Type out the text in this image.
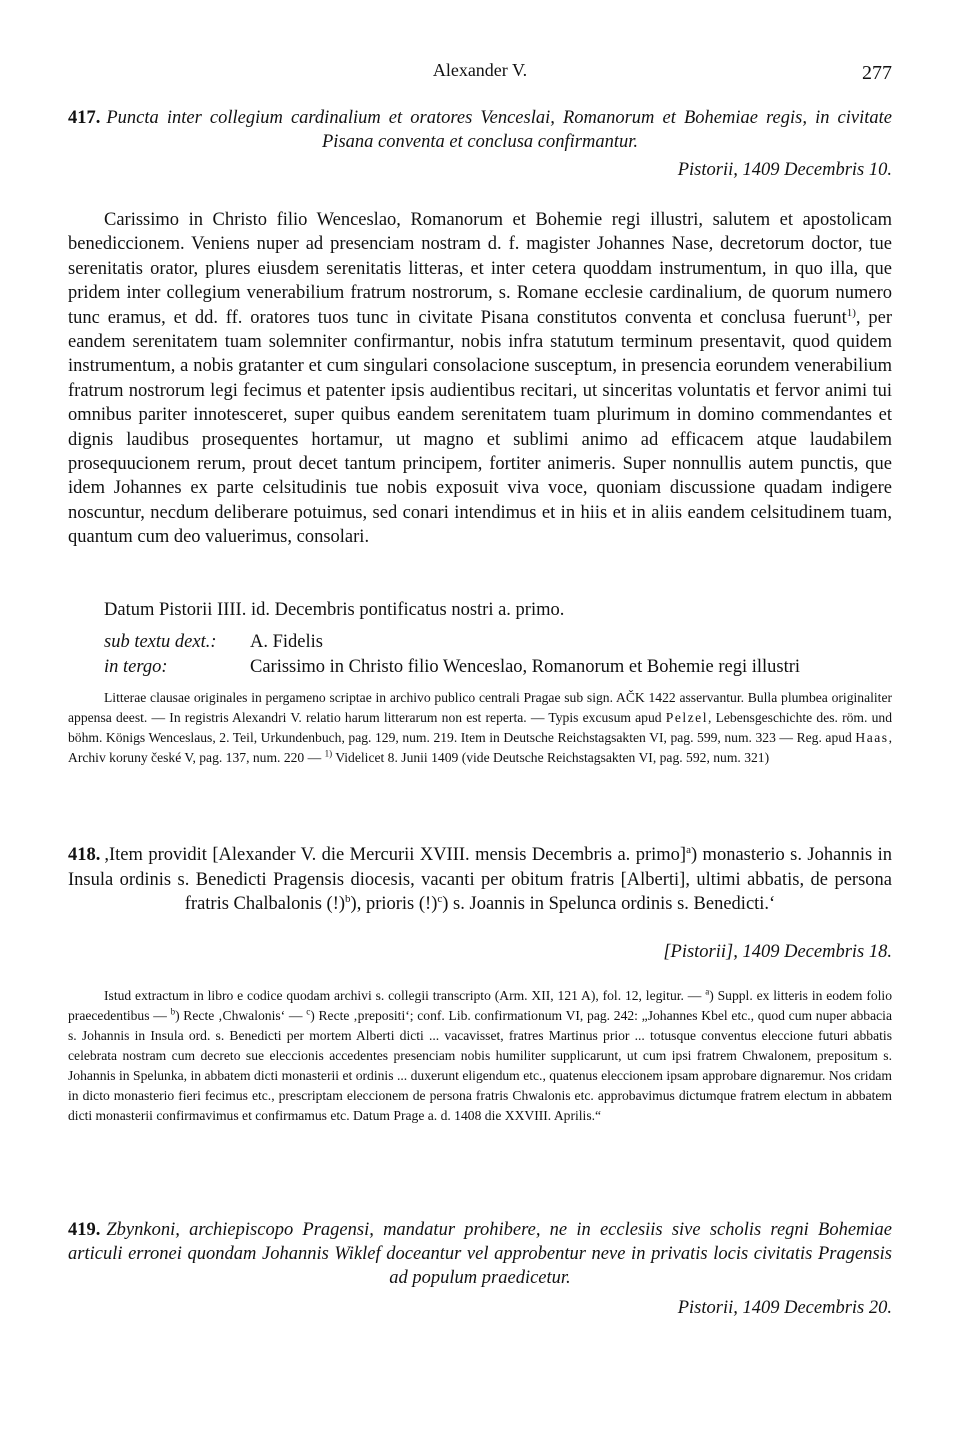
Alexander V.	277
417. Puncta inter collegium cardinalium et oratores Venceslai, Romanorum et Bohemiae regis, in civitate Pisana conventa et conclusa confirmantur.
Pistorii, 1409 Decembris 10.

Carissimo in Christo filio Wenceslao, Romanorum et Bohemie regi illustri, salutem et apostolicam benediccionem. Veniens nuper ad presenciam nostram d. f. magister Johannes Nase, decretorum doctor, tue serenitatis orator, plures eiusdem serenitatis litteras, et inter cetera quoddam instrumentum, in quo illa, que pridem inter collegium venerabilium fratrum nostrorum, s. Romane ecclesie cardinalium, de quorum numero tunc eramus, et dd. ff. oratores tuos tunc in civitate Pisana constitutos conventa et conclusa fuerunt$^{1)}$, per eandem serenitatem tuam solemniter confirmantur, nobis infra statutum terminum presentavit, quod quidem instrumentum, a nobis gratanter et cum singulari consolacione susceptum, in presencia eorundem venerabilium fratrum nostrorum legi fecimus et patenter ipsis audientibus recitari, ut sinceritas voluntatis et fervor animi tui omnibus pariter innotesceret, super quibus eandem serenitatem tuam plurimum in domino commendantes et dignis laudibus prosequentes hortamur, ut magno et sublimi animo ad efficacem atque laudabilem prosequucionem rerum, prout decet tantum principem, fortiter animeris. Super nonnullis autem punctis, que idem Johannes ex parte celsitudinis tue nobis exposuit viva voce, quoniam discussione quadam indigere noscuntur, necdum deliberare potuimus, sed conari intendimus et in hiis et in aliis eandem celsitudinem tuam, quantum cum deo valuerimus, consolari.

Datum Pistorii IIII. id. Decembris pontificatus nostri a. primo.
sub textu dext.: A. Fidelis
in tergo:	Carissimo in Christo filio Wenceslao, Romanorum et Bohemie regi illustri

Litterae clausae originales in pergameno scriptae in archivo publico centrali Pragae sub sign. AČK 1422 asservantur. Bulla plumbea originaliter appensa deest. — In registris Alexandri V. relatio harum litterarum non est reperta. — Typis excusum apud Pelzel, Lebensgeschichte des. röm. und böhm. Königs Wenceslaus, 2. Teil, Urkundenbuch, pag. 129, num. 219. Item in Deutsche Reichstagsakten VI, pag. 599, num. 323 — Reg. apud Haas, Archiv koruny české V, pag. 137, num. 220 — $^{1)}$ Videlicet 8. Junii 1409 (vide Deutsche Reichstagsakten VI, pag. 592, num. 321)

418. ,Item providit [Alexander V. die Mercurii XVIII. mensis Decembris a. primo]$^a$) monasterio s. Johannis in Insula ordinis s. Benedicti Pragensis diocesis, vacanti per obitum fratris [Alberti], ultimi abbatis, de persona fratris Chalbalonis (!)$^b$), prioris (!)$^c$) s. Joannis in Spelunca ordinis s. Benedicti.‘
[Pistorii], 1409 Decembris 18.

Istud extractum in libro e codice quodam archivi s. collegii transcripto (Arm. XII, 121 A), fol. 12, legitur. — $^a$) Suppl. ex litteris in eodem folio praecedentibus — $^b$) Recte ‚Chwalonis‘ — $^c$) Recte ‚prepositi‘; conf. Lib. confirmationum VI, pag. 242: „Johannes Kbel etc., quod cum nuper abbacia s. Johannis in Insula ord. s. Benedicti per mortem Alberti dicti ... vacavisset, fratres Martinus prior ... totusque conventus eleccione futuri abbatis celebrata nostram cum decreto sue eleccionis accedentes presenciam nobis humiliter supplicarunt, ut cum ipsi fratrem Chwalonem, prepositum s. Johannis in Spelunka, in abbatem dicti monasterii et ordinis ... duxerunt eligendum etc., quatenus eleccionem ipsam approbare dignaremur. Nos cridam in dicto monasterio fieri fecimus etc., prescriptam eleccionem de persona fratris Chwalonis etc. approbavimus dictumque fratrem electum in abbatem dicti monasterii confirmavimus et confirmamus etc. Datum Prage a. d. 1408 die XXVIII. Aprilis.“

419. Zbynkoni, archiepiscopo Pragensi, mandatur prohibere, ne in ecclesiis sive scholis regni Bohemiae articuli erronei quondam Johannis Wiklef doceantur vel approbentur neve in privatis locis civitatis Pragensis ad populum praedicetur.
Pistorii, 1409 Decembris 20.
